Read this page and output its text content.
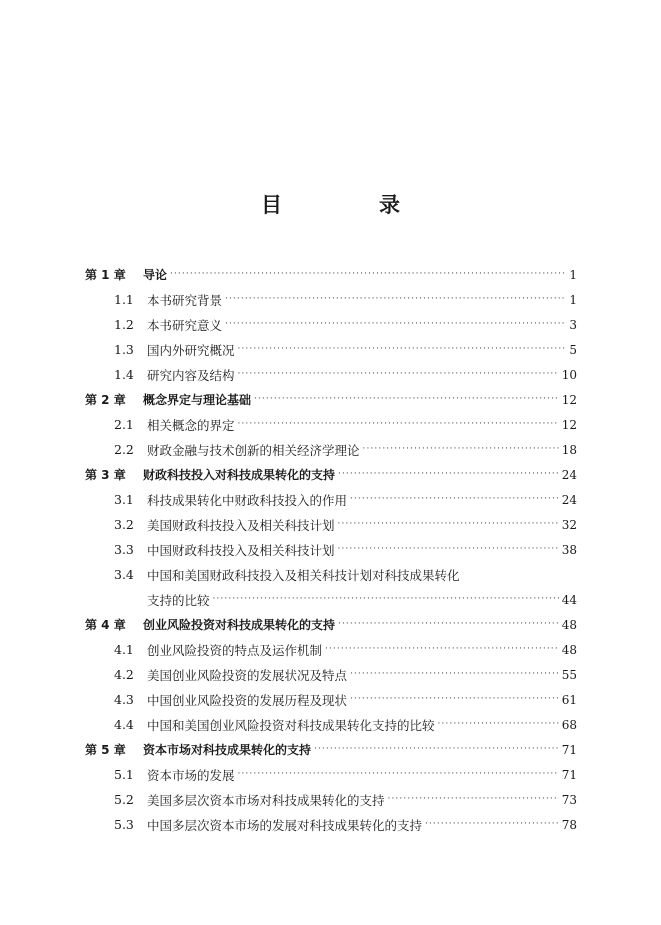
目　录
第 1 章	导论 ·····	1
1.1	本书研究背景 ·····	1
1.2	本书研究意义 ·····	3
1.3	国内外研究概况 ·····	5
1.4	研究内容及结构 ·····	10
第 2 章	概念界定与理论基础 ·····	12
2.1	相关概念的界定 ·····	12
2.2	财政金融与技术创新的相关经济学理论 ·····	18
第 3 章	财政科技投入对科技成果转化的支持 ·····	24
3.1	科技成果转化中财政科技投入的作用 ·····	24
3.2	美国财政科技投入及相关科技计划 ·····	32
3.3	中国财政科技投入及相关科技计划 ·····	38
3.4	中国和美国财政科技投入及相关科技计划对科技成果转化
支持的比较 ·····	44
第 4 章	创业风险投资对科技成果转化的支持 ·····	48
4.1	创业风险投资的特点及运作机制 ·····	48
4.2	美国创业风险投资的发展状况及特点 ·····	55
4.3	中国创业风险投资的发展历程及现状 ·····	61
4.4	中国和美国创业风险投资对科技成果转化支持的比较 ·····	68
第 5 章	资本市场对科技成果转化的支持 ·····	71
5.1	资本市场的发展 ·····	71
5.2	美国多层次资本市场对科技成果转化的支持 ·····	73
5.3	中国多层次资本市场的发展对科技成果转化的支持 ·····	78
